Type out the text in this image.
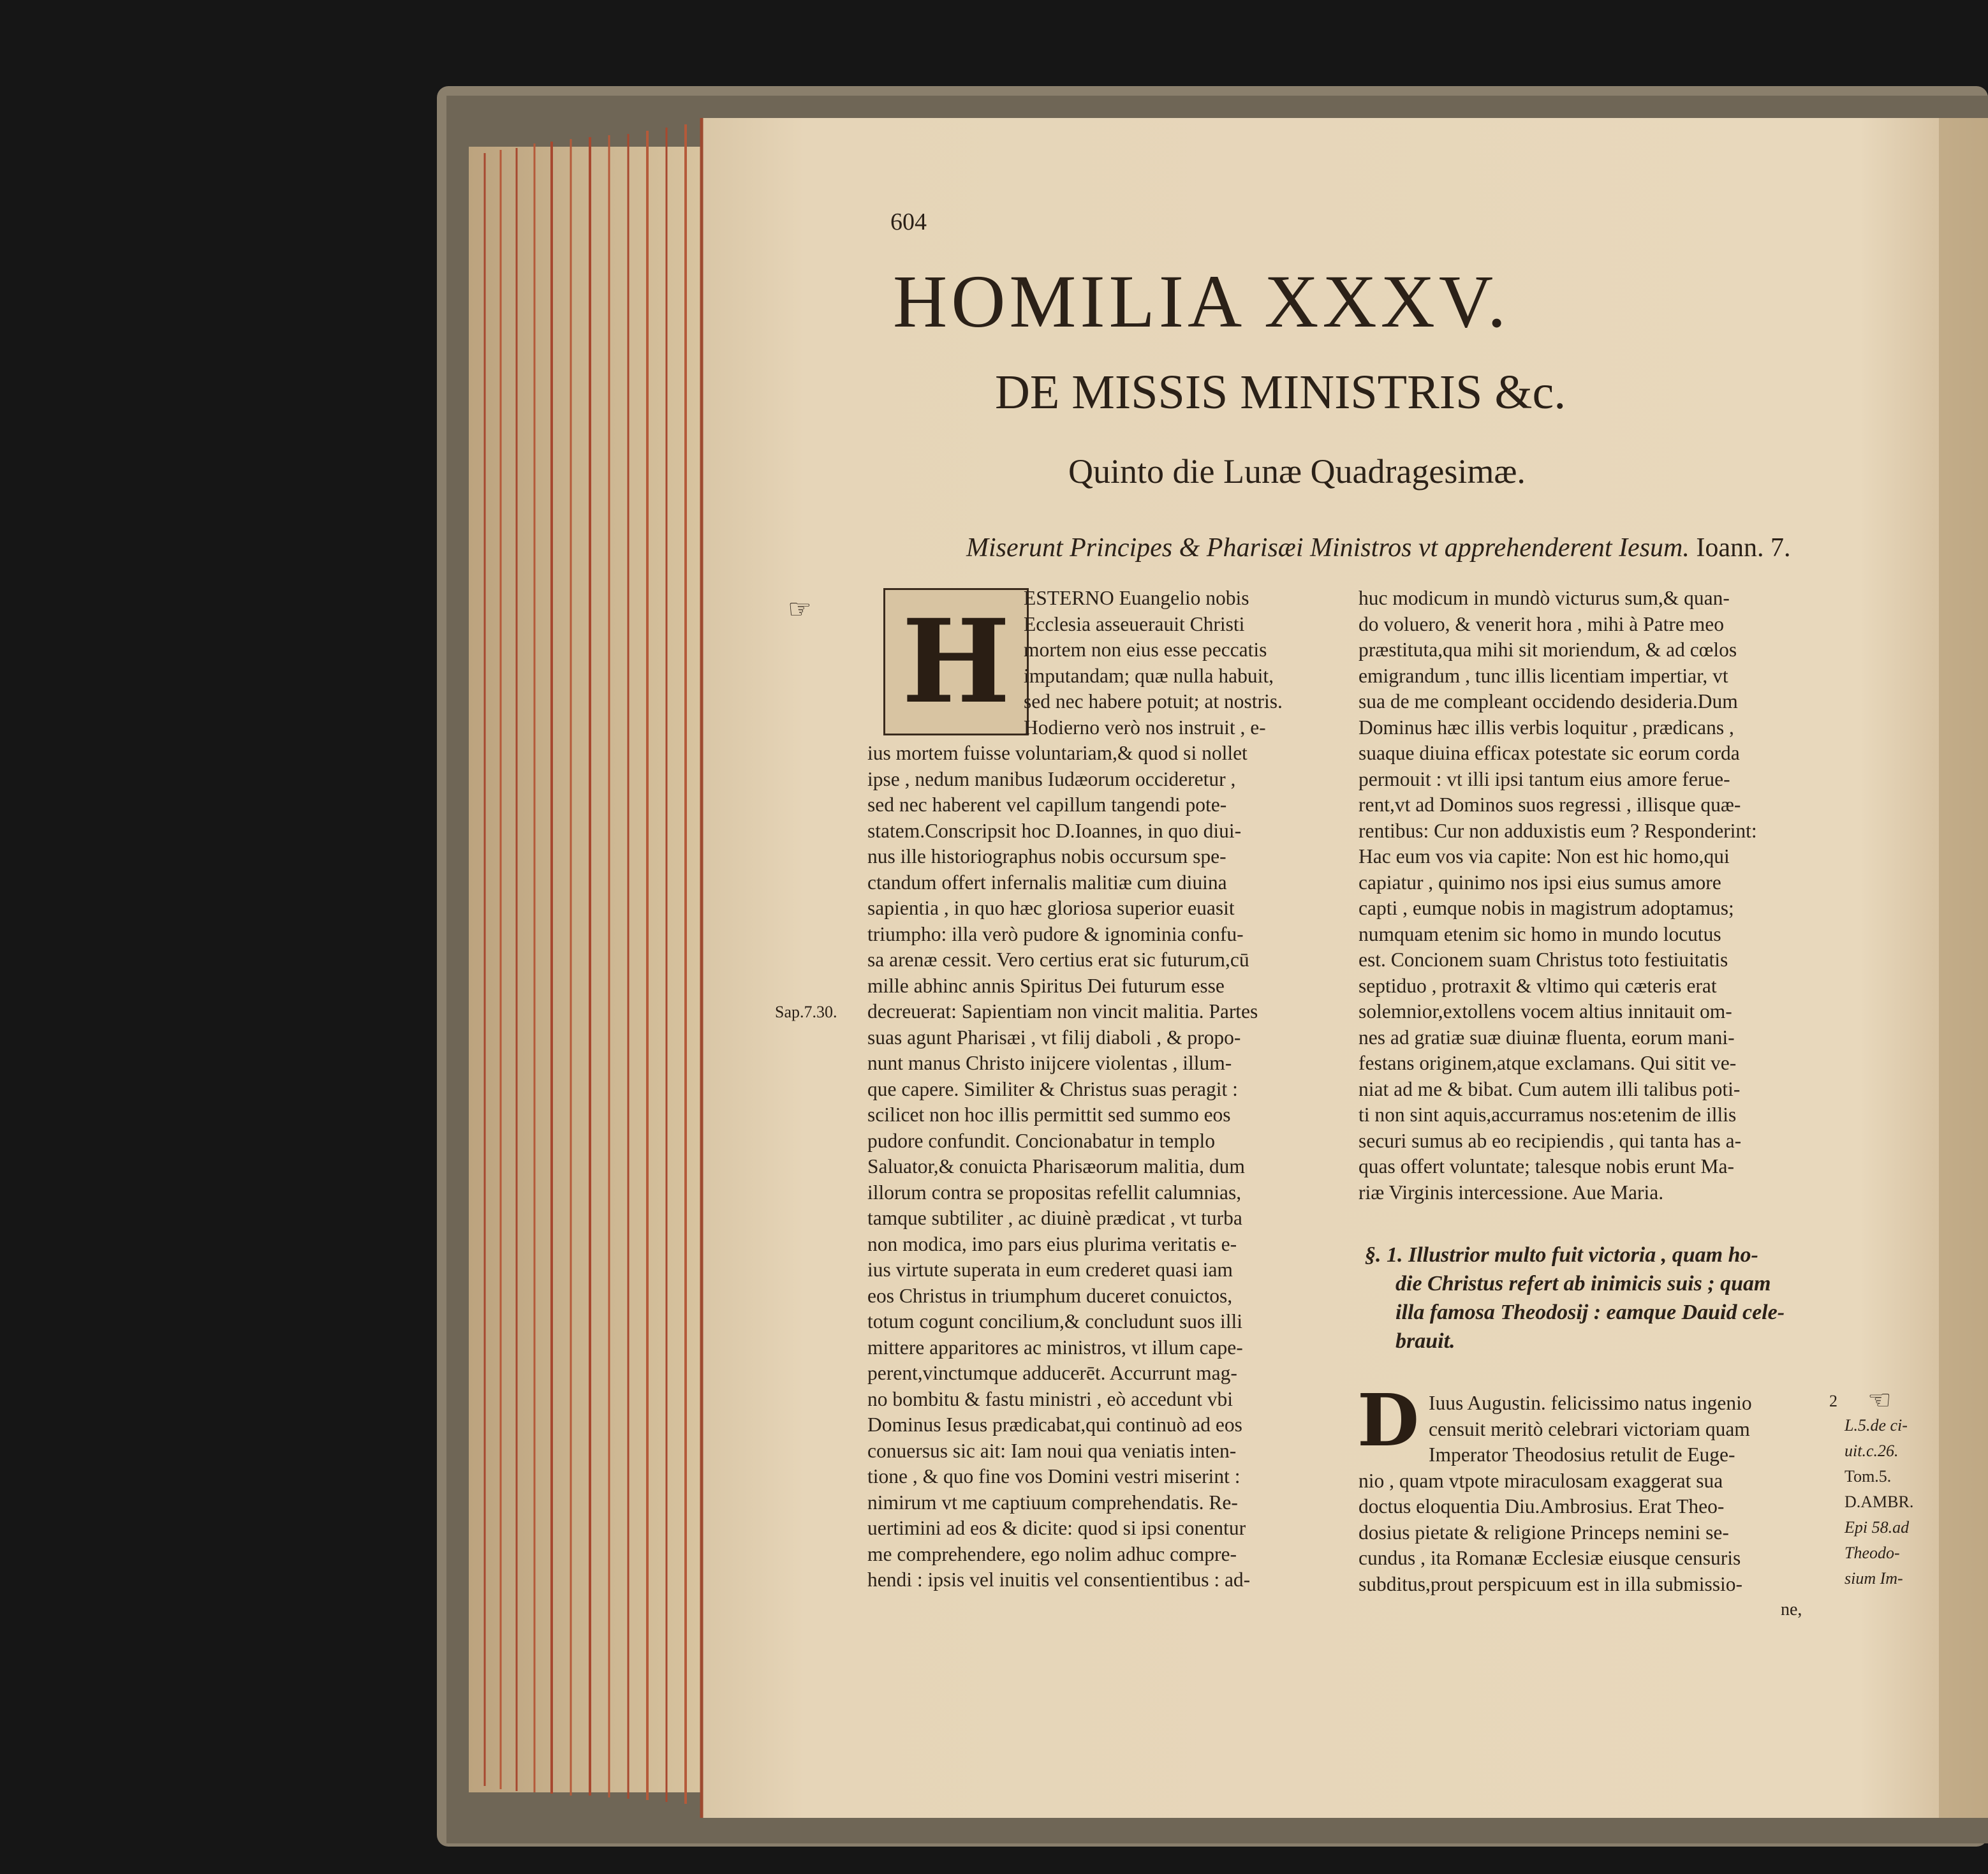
604
HOMILIA XXXV.
DE MISSIS MINISTRIS &c.
Quinto die Lunæ Quadragesimæ.
Miserunt Principes & Pharisæi Ministros vt apprehenderent Iesum. Ioann. 7.
☞ H ESTERNO Euangelio nobis
Ecclesia asseuerauit Christi
mortem non eius esse peccatis
imputandam; quæ nulla habuit,
sed nec habere potuit; at nostris.
Hodierno verò nos instruit , e-
ius mortem fuisse voluntariam,& quod si nollet
ipse , nedum manibus Iudæorum occideretur ,
sed nec haberent vel capillum tangendi pote-
statem.Conscripsit hoc D.Ioannes, in quo diui-
nus ille historiographus nobis occursum spe-
ctandum offert infernalis malitiæ cum diuina
sapientia , in quo hæc gloriosa superior euasit
triumpho: illa verò pudore & ignominia confu-
sa arenæ cessit. Vero certius erat sic futurum,cū
mille abhinc annis Spiritus Dei futurum esse
decreuerat: Sapientiam non vincit malitia. Partes
suas agunt Pharisæi , vt filij diaboli , & propo-
nunt manus Christo inijcere violentas , illum-
que capere. Similiter & Christus suas peragit :
scilicet non hoc illis permittit sed summo eos
pudore confundit. Concionabatur in templo
Saluator,& conuicta Pharisæorum malitia, dum
illorum contra se propositas refellit calumnias,
tamque subtiliter , ac diuinè prædicat , vt turba
non modica, imo pars eius plurima veritatis e-
ius virtute superata in eum crederet quasi iam
eos Christus in triumphum duceret conuictos,
totum cogunt concilium,& concludunt suos illi
mittere apparitores ac ministros, vt illum cape-
perent,vinctumque adducerēt. Accurrunt mag-
no bombitu & fastu ministri , eò accedunt vbi
Dominus Iesus prædicabat,qui continuò ad eos
conuersus sic ait: Iam noui qua veniatis inten-
tione , & quo fine vos Domini vestri miserint :
nimirum vt me captiuum comprehendatis. Re-
uertimini ad eos & dicite: quod si ipsi conentur
me comprehendere, ego nolim adhuc compre-
hendi : ipsis vel inuitis vel consentientibus : ad-
huc modicum in mundò victurus sum,& quan-
do voluero, & venerit hora , mihi à Patre meo
præstituta,qua mihi sit moriendum, & ad cœlos
emigrandum , tunc illis licentiam impertiar, vt
sua de me compleant occidendo desideria.Dum
Dominus hæc illis verbis loquitur , prædicans ,
suaque diuina efficax potestate sic eorum corda
permouit : vt illi ipsi tantum eius amore ferue-
rent,vt ad Dominos suos regressi , illisque quæ-
rentibus: Cur non adduxistis eum ? Responderint:
Hac eum vos via capite: Non est hic homo,qui
capiatur , quinimo nos ipsi eius sumus amore
capti , eumque nobis in magistrum adoptamus;
numquam etenim sic homo in mundo locutus
est. Concionem suam Christus toto festiuitatis
septiduo , protraxit & vltimo qui cæteris erat
solemnior,extollens vocem altius innitauit om-
nes ad gratiæ suæ diuinæ fluenta, eorum mani-
festans originem,atque exclamans. Qui sitit ve-
niat ad me & bibat. Cum autem illi talibus poti-
ti non sint aquis,accurramus nos:etenim de illis
securi sumus ab eo recipiendis , qui tanta has a-
quas offert voluntate; talesque nobis erunt Ma-
riæ Virginis intercessione. Aue Maria.
§. 1. Illustrior multo fuit victoria , quam ho-
die Christus refert ab inimicis suis ; quam
illa famosa Theodosij : eamque Dauid cele-
brauit.
D Iuus Augustin. felicissimo natus ingenio
censuit meritò celebrari victoriam quam
Imperator Theodosius retulit de Euge-
nio , quam vtpote miraculosam exaggerat sua
doctus eloquentia Diu.Ambrosius. Erat Theo-
dosius pietate & religione Princeps nemini se-
cundus , ita Romanæ Ecclesiæ eiusque censuris
subditus,prout perspicuum est in illa submissio-
Sap.7.30.
2 ☞
L.5.de ci-
uit.c.26.
Tom.5.
D.AMBR.
Epi 58.ad
Theodo-
sium Im-
ne,
